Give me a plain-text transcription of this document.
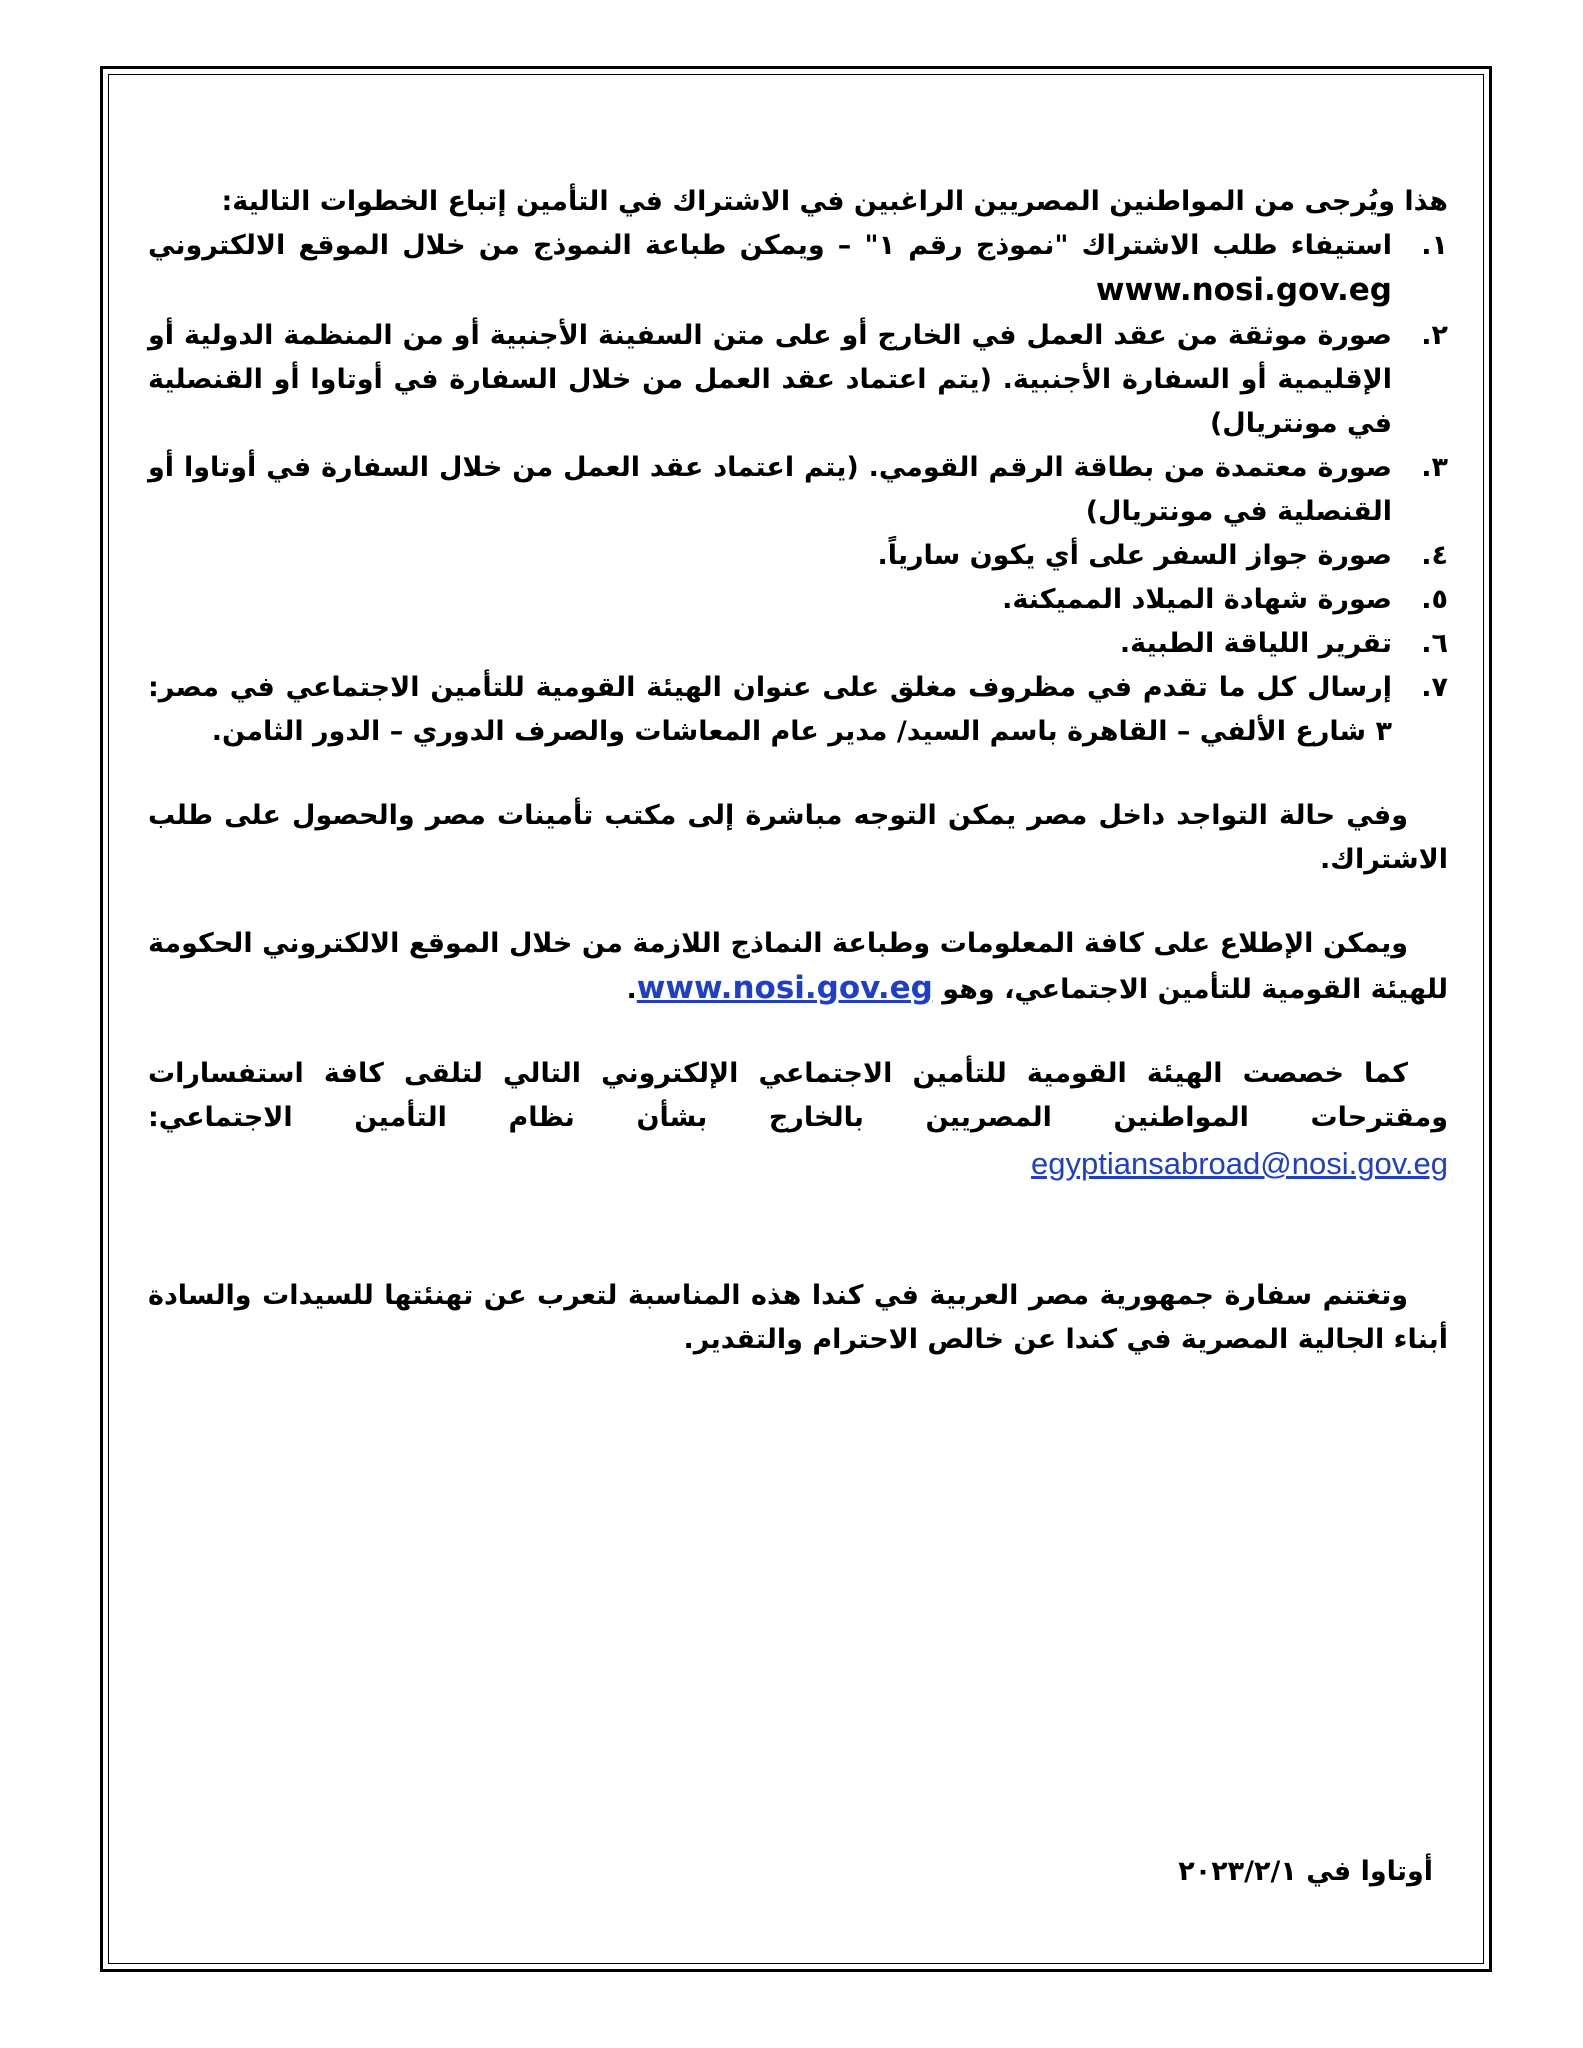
هذا ويُرجى من المواطنين المصريين الراغبين في الاشتراك في التأمين إتباع الخطوات التالية:

١.
استيفاء طلب الاشتراك "نموذج رقم ١" – ويمكن طباعة النموذج من خلال الموقع الالكتروني www.nosi.gov.eg
٢.
صورة موثقة من عقد العمل في الخارج أو على متن السفينة الأجنبية أو من المنظمة الدولية أو الإقليمية أو السفارة الأجنبية. (يتم اعتماد عقد العمل من خلال السفارة في أوتاوا أو القنصلية في مونتريال)
٣.
صورة معتمدة من بطاقة الرقم القومي. (يتم اعتماد عقد العمل من خلال السفارة في أوتاوا أو القنصلية في مونتريال)
٤.
صورة جواز السفر على أي يكون سارياً.
٥.
صورة شهادة الميلاد المميكنة.
٦.
تقرير اللياقة الطبية.
٧.
إرسال كل ما تقدم في مظروف مغلق على عنوان الهيئة القومية للتأمين الاجتماعي في مصر: ٣ شارع الألفي – القاهرة باسم السيد/ مدير عام المعاشات والصرف الدوري – الدور الثامن.

وفي حالة التواجد داخل مصر يمكن التوجه مباشرة إلى مكتب تأمينات مصر والحصول على طلب الاشتراك.

ويمكن الإطلاع على كافة المعلومات وطباعة النماذج اللازمة من خلال الموقع الالكتروني الحكومة للهيئة القومية للتأمين الاجتماعي، وهو www.nosi.gov.eg.

كما خصصت الهيئة القومية للتأمين الاجتماعي الإلكتروني التالي لتلقى كافة استفسارات

ومقترحات المواطنين المصريين بالخارج بشأن نظام التأمين الاجتماعي:

egyptiansabroad@nosi.gov.eg

وتغتنم سفارة جمهورية مصر العربية في كندا هذه المناسبة لتعرب عن تهنئتها للسيدات والسادة أبناء الجالية المصرية في كندا عن خالص الاحترام والتقدير.

أوتاوا في ٢٠٢٣/٢/١
